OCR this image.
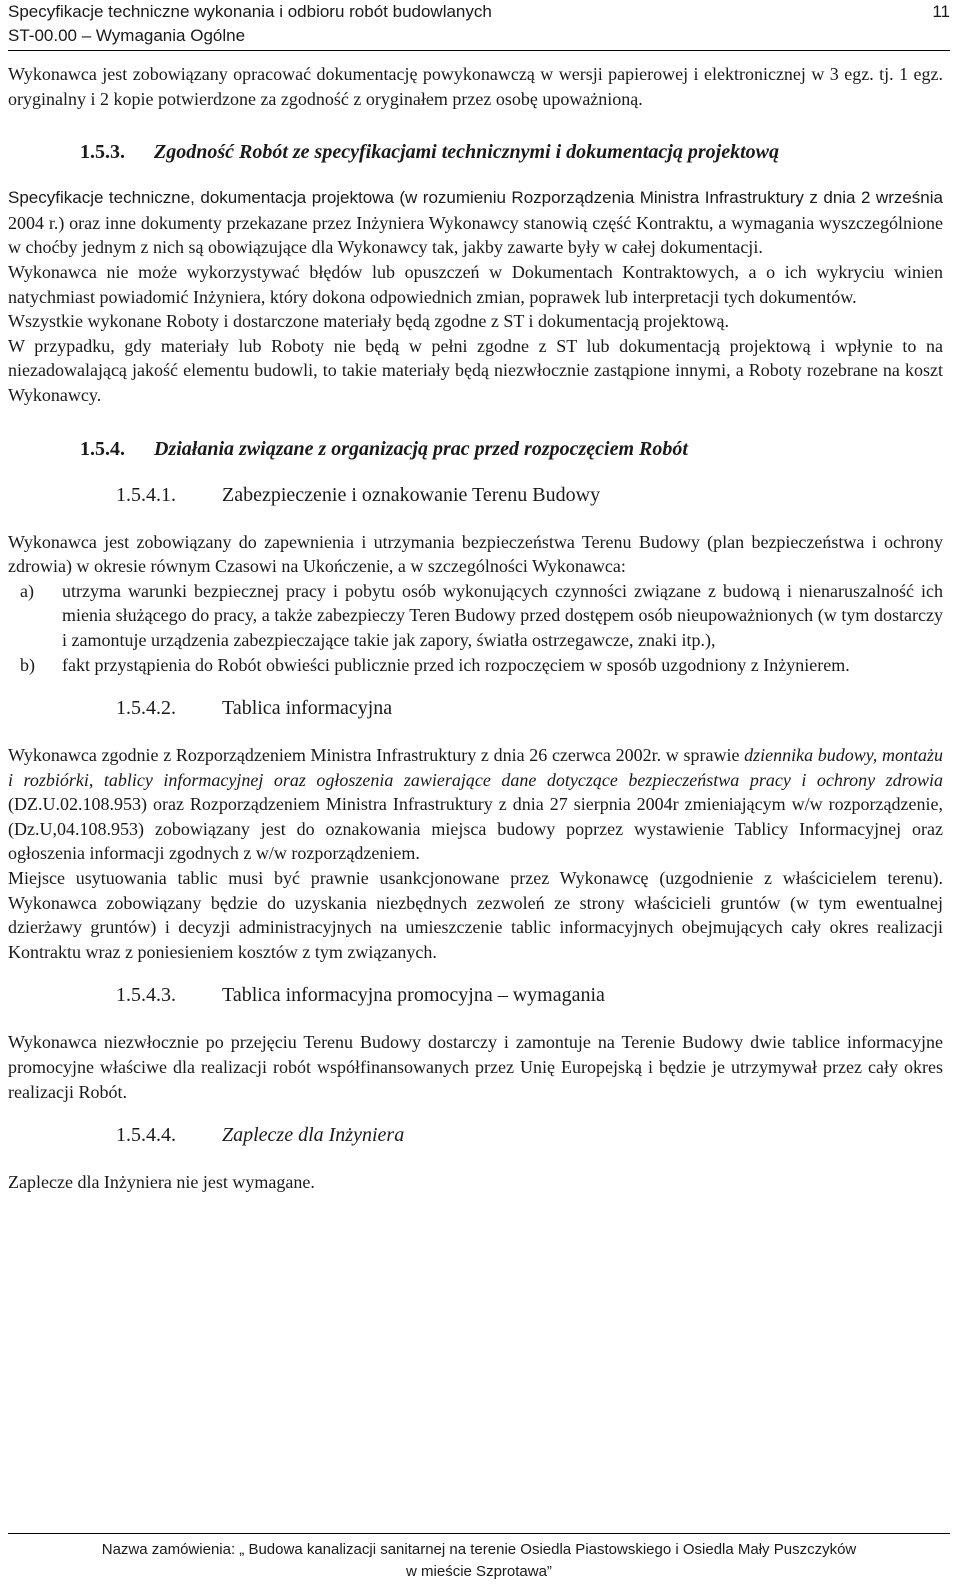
Specyfikacje techniczne wykonania i odbioru robót budowlanych
ST-00.00 – Wymagania Ogólne
11

Wykonawca jest zobowiązany opracować dokumentację powykonawczą w wersji papierowej i elektronicznej w 3 egz. tj. 1 egz. oryginalny i 2 kopie potwierdzone za zgodność z oryginałem przez osobę upoważnioną.

1.5.3. Zgodność Robót ze specyfikacjami technicznymi i dokumentacją projektową

Specyfikacje techniczne, dokumentacja projektowa (w rozumieniu Rozporządzenia Ministra Infrastruktury z dnia 2 września 2004 r.) oraz inne dokumenty przekazane przez Inżyniera Wykonawcy stanowią część Kontraktu, a wymagania wyszczególnione w choćby jednym z nich są obowiązujące dla Wykonawcy tak, jakby zawarte były w całej dokumentacji.

Wykonawca nie może wykorzystywać błędów lub opuszczeń w Dokumentach Kontraktowych, a o ich wykryciu winien natychmiast powiadomić Inżyniera, który dokona odpowiednich zmian, poprawek lub interpretacji tych dokumentów.

Wszystkie wykonane Roboty i dostarczone materiały będą zgodne z ST i dokumentacją projektową.

W przypadku, gdy materiały lub Roboty nie będą w pełni zgodne z ST lub dokumentacją projektową i wpłynie to na niezadowalającą jakość elementu budowli, to takie materiały będą niezwłocznie zastąpione innymi, a Roboty rozebrane na koszt Wykonawcy.

1.5.4. Działania związane z organizacją prac przed rozpoczęciem Robót
1.5.4.1. Zabezpieczenie i oznakowanie Terenu Budowy

Wykonawca jest zobowiązany do zapewnienia i utrzymania bezpieczeństwa Terenu Budowy (plan bezpieczeństwa i ochrony zdrowia) w okresie równym Czasowi na Ukończenie, a w szczególności Wykonawca:

a) utrzyma warunki bezpiecznej pracy i pobytu osób wykonujących czynności związane z budową i nienaruszalność ich mienia służącego do pracy, a także zabezpieczy Teren Budowy przed dostępem osób nieupoważnionych (w tym dostarczy i zamontuje urządzenia zabezpieczające takie jak zapory, światła ostrzegawcze, znaki itp.),
b) fakt przystąpienia do Robót obwieści publicznie przed ich rozpoczęciem w sposób uzgodniony z Inżynierem.
1.5.4.2. Tablica informacyjna

Wykonawca zgodnie z Rozporządzeniem Ministra Infrastruktury z dnia 26 czerwca 2002r. w sprawie dziennika budowy, montażu i rozbiórki, tablicy informacyjnej oraz ogłoszenia zawierające dane dotyczące bezpieczeństwa pracy i ochrony zdrowia (DZ.U.02.108.953) oraz Rozporządzeniem Ministra Infrastruktury z dnia 27 sierpnia 2004r zmieniającym w/w rozporządzenie, (Dz.U,04.108.953) zobowiązany jest do oznakowania miejsca budowy poprzez wystawienie Tablicy Informacyjnej oraz ogłoszenia informacji zgodnych z w/w rozporządzeniem.

Miejsce usytuowania tablic musi być prawnie usankcjonowane przez Wykonawcę (uzgodnienie z właścicielem terenu). Wykonawca zobowiązany będzie do uzyskania niezbędnych zezwoleń ze strony właścicieli gruntów (w tym ewentualnej dzierżawy gruntów) i decyzji administracyjnych na umieszczenie tablic informacyjnych obejmujących cały okres realizacji Kontraktu wraz z poniesieniem kosztów z tym związanych.

1.5.4.3. Tablica informacyjna promocyjna – wymagania

Wykonawca niezwłocznie po przejęciu Terenu Budowy dostarczy i zamontuje na Terenie Budowy dwie tablice informacyjne promocyjne właściwe dla realizacji robót współfinansowanych przez Unię Europejską i będzie je utrzymywał przez cały okres realizacji Robót.

1.5.4.4. Zaplecze dla Inżyniera

Zaplecze dla Inżyniera nie jest wymagane.

Nazwa zamówienia: „ Budowa kanalizacji sanitarnej na terenie Osiedla Piastowskiego i Osiedla Mały Puszczyków
w mieście Szprotawa”
